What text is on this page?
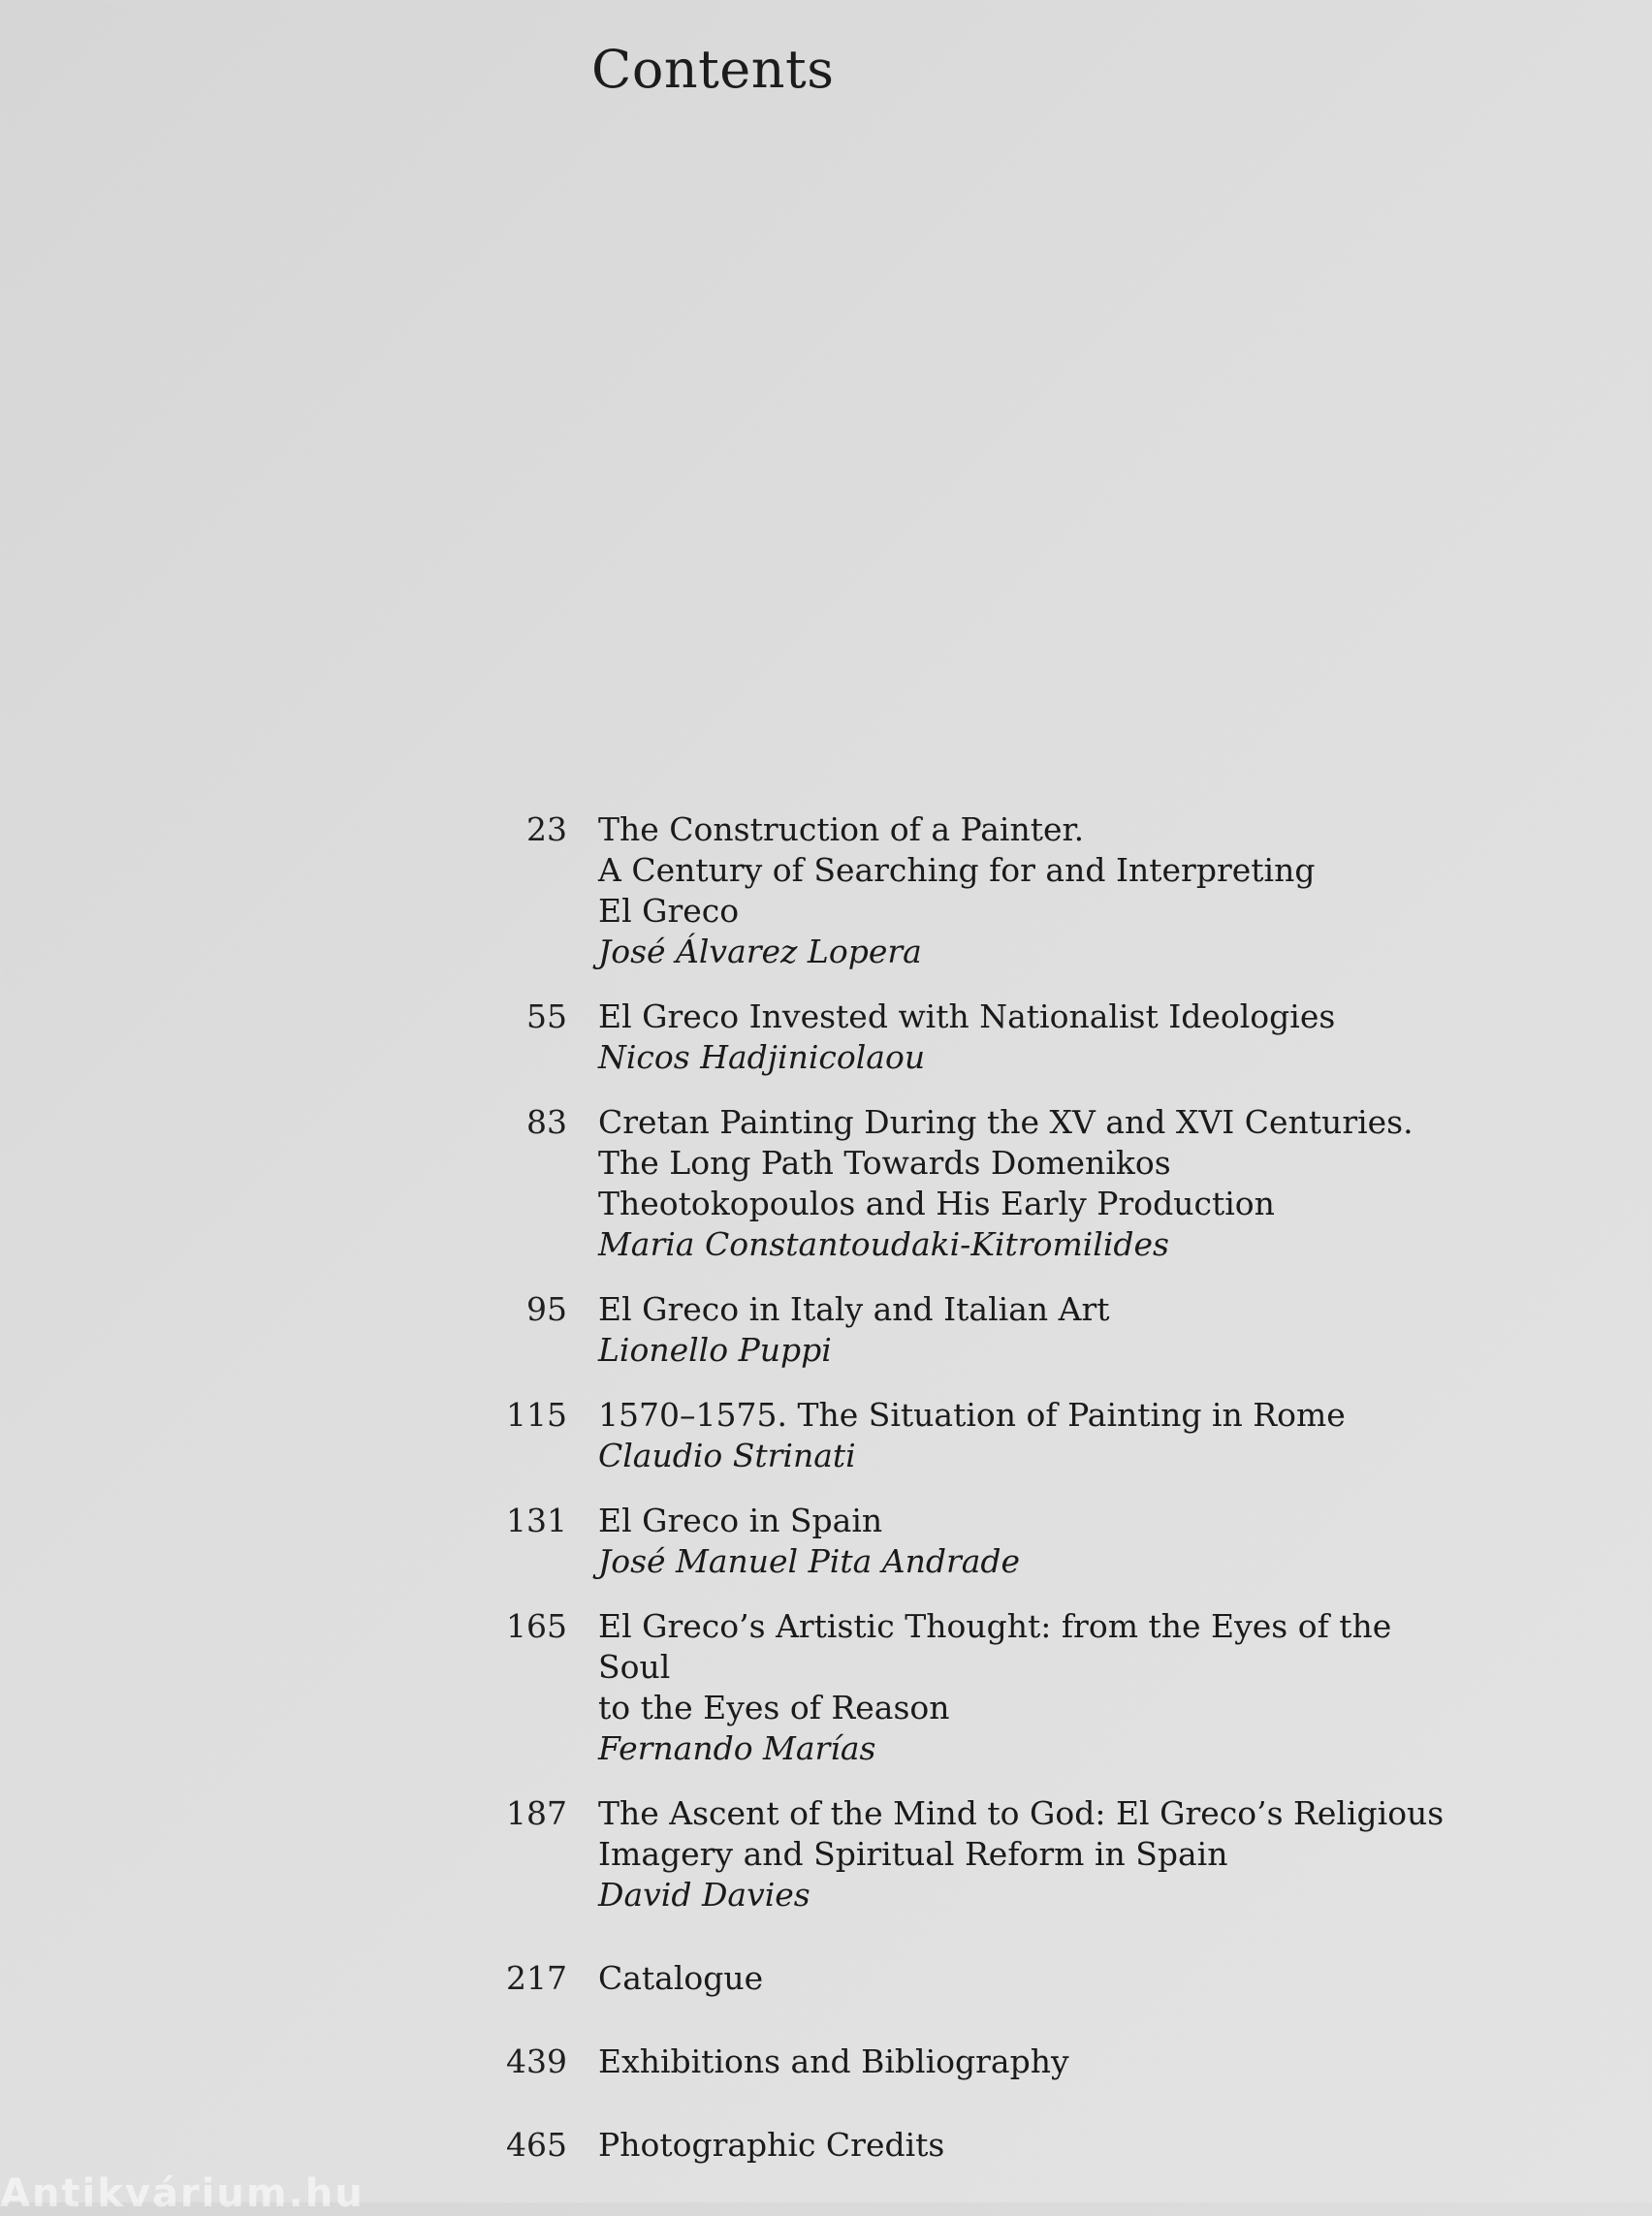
Contents
23 The Construction of a Painter.
A Century of Searching for and Interpreting
El Greco
José Álvarez Lopera
55 El Greco Invested with Nationalist Ideologies
Nicos Hadjinicolaou
83 Cretan Painting During the XV and XVI Centuries.
The Long Path Towards Domenikos
Theotokopoulos and His Early Production
Maria Constantoudaki-Kitromilides
95 El Greco in Italy and Italian Art
Lionello Puppi
115 1570–1575. The Situation of Painting in Rome
Claudio Strinati
131 El Greco in Spain
José Manuel Pita Andrade
165 El Greco’s Artistic Thought: from the Eyes of the Soul
to the Eyes of Reason
Fernando Marías
187 The Ascent of the Mind to God: El Greco’s Religious
Imagery and Spiritual Reform in Spain
David Davies
217 Catalogue
439 Exhibitions and Bibliography
465 Photographic Credits
Antikvárium.hu
